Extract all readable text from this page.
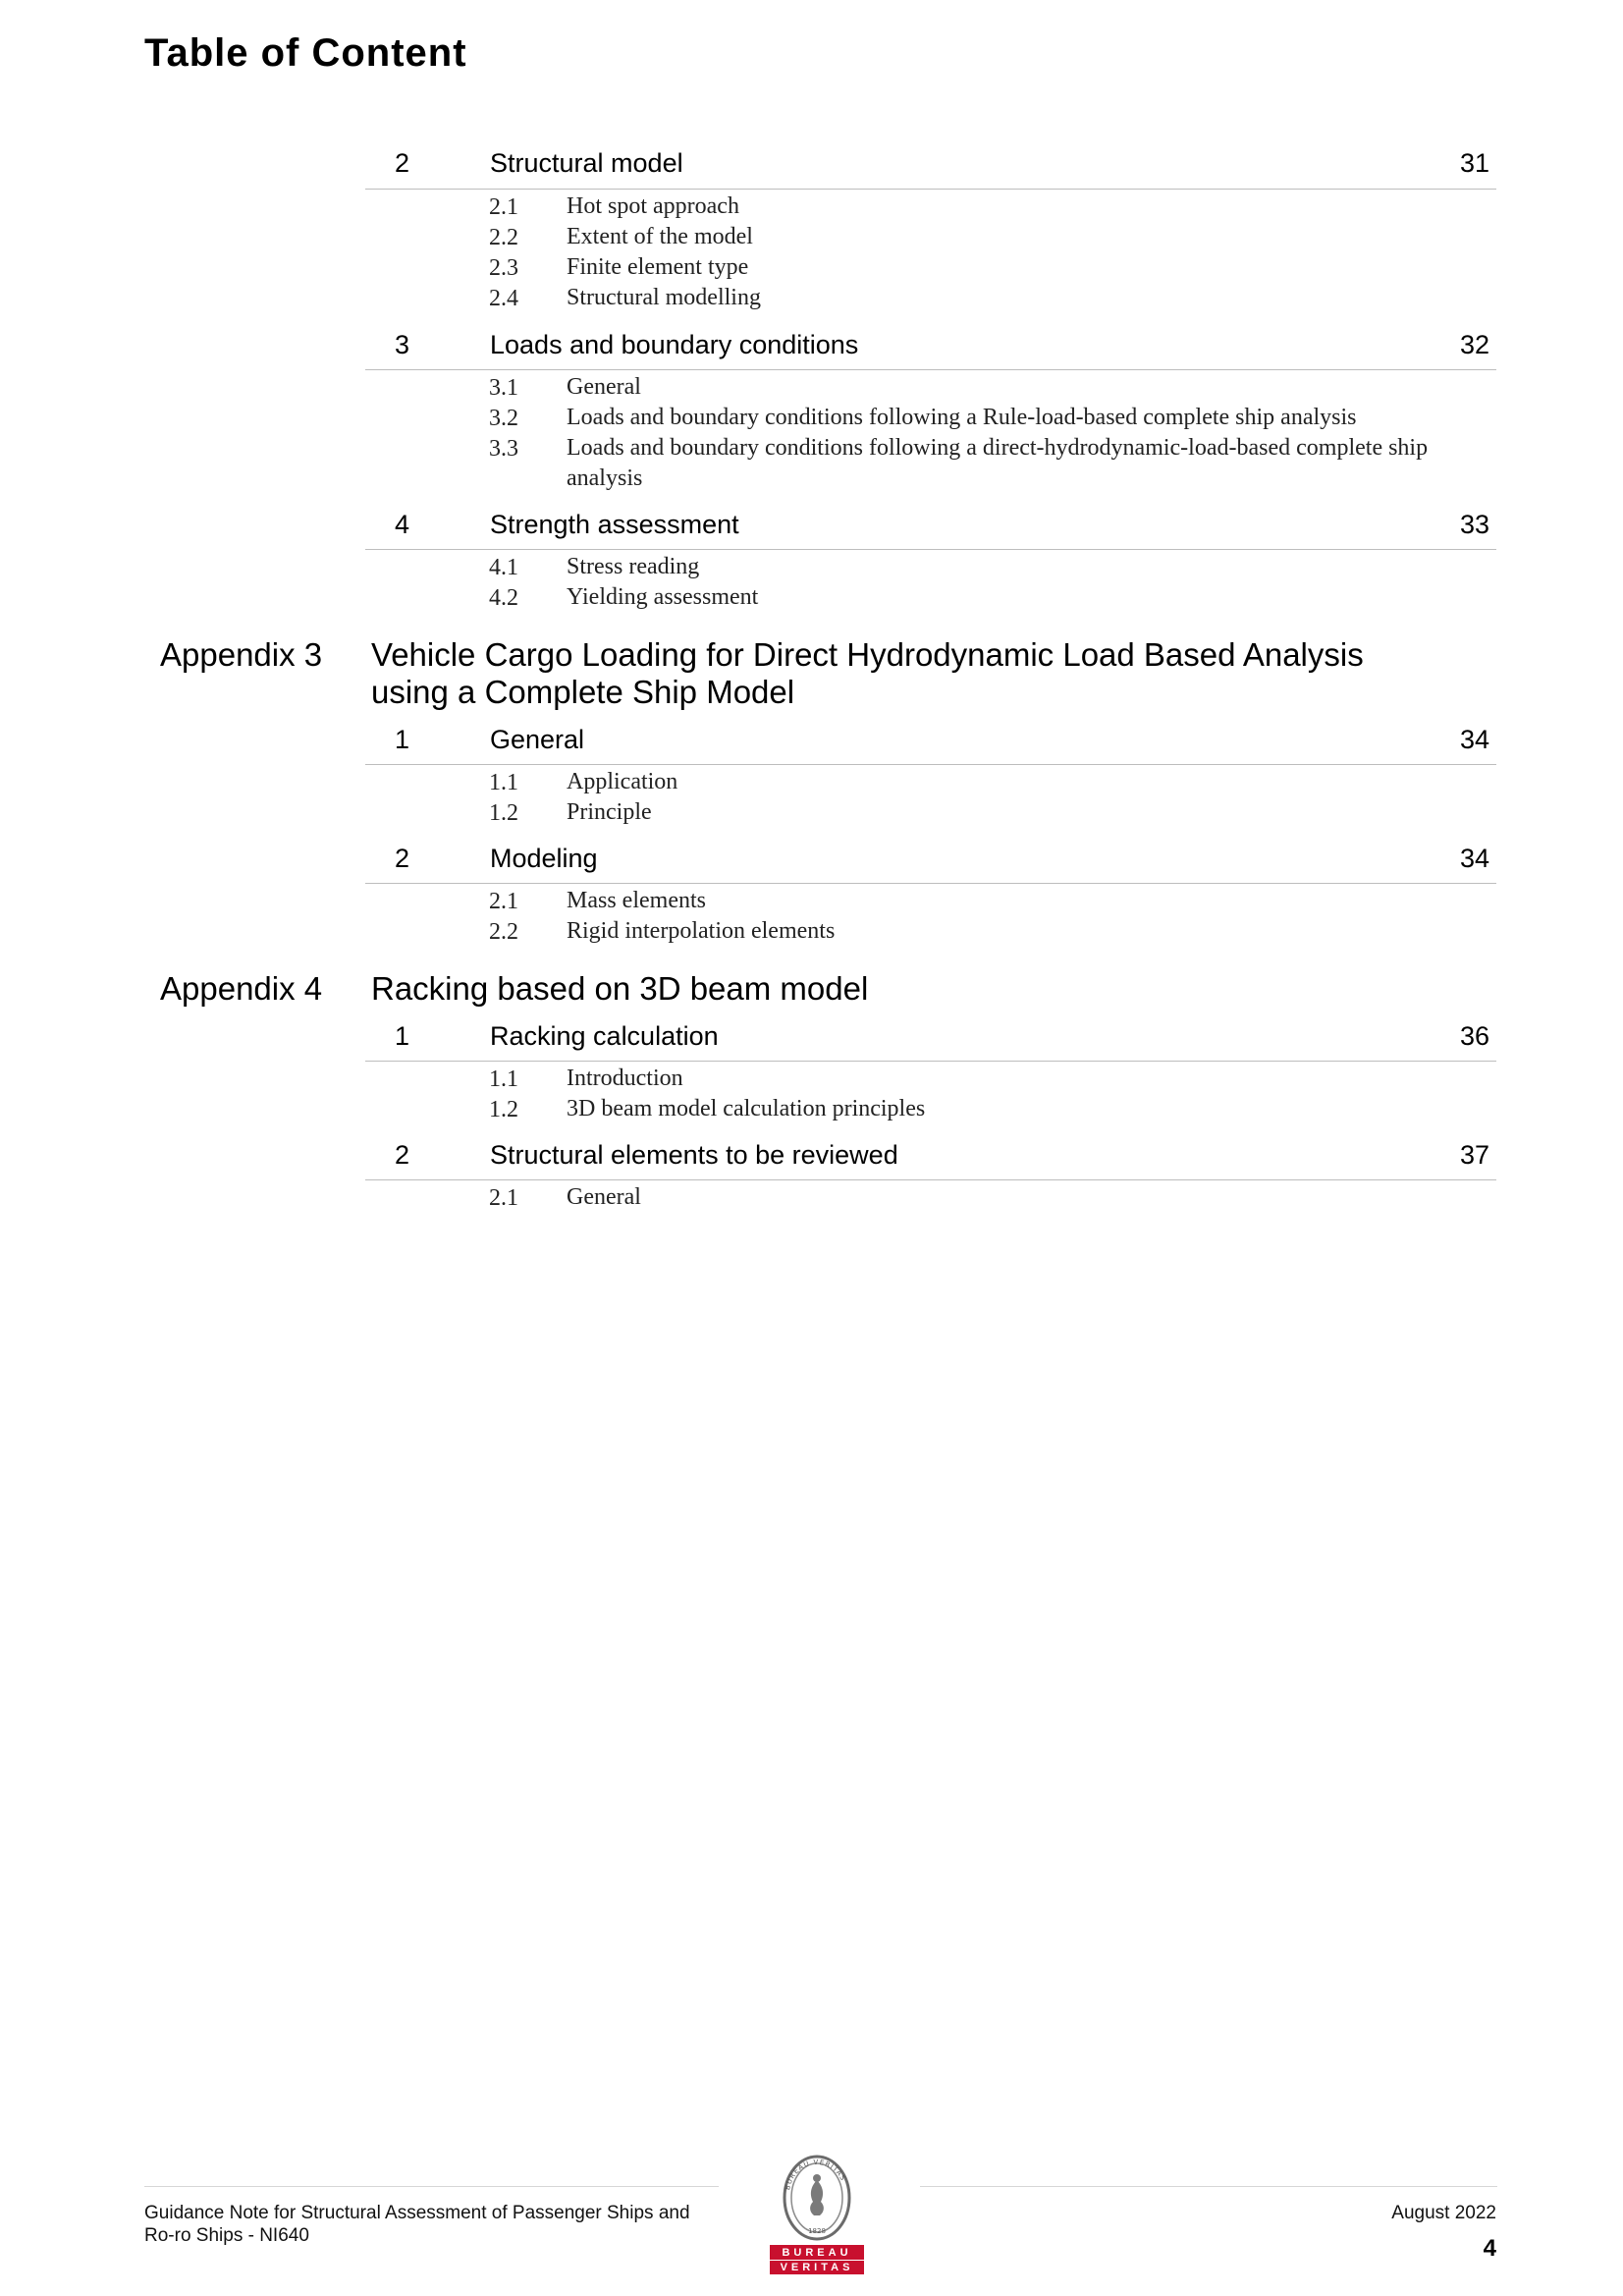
Table of Content
2	Structural model	31
2.1 Hot spot approach
2.2 Extent of the model
2.3 Finite element type
2.4 Structural modelling
3	Loads and boundary conditions	32
3.1 General
3.2 Loads and boundary conditions following a Rule-load-based complete ship analysis
3.3 Loads and boundary conditions following a direct-hydrodynamic-load-based complete ship analysis
4	Strength assessment	33
4.1 Stress reading
4.2 Yielding assessment
Appendix 3 Vehicle Cargo Loading for Direct Hydrodynamic Load Based Analysis
using a Complete Ship Model
1	General	34
1.1 Application
1.2 Principle
2	Modeling	34
2.1 Mass elements
2.2 Rigid interpolation elements
Appendix 4 Racking based on 3D beam model
1	Racking calculation	36
1.1 Introduction
1.2 3D beam model calculation principles
2	Structural elements to be reviewed	37
2.1 General
Guidance Note for Structural Assessment of Passenger Ships and
Ro-ro Ships - NI640
August 2022
4
BUREAU VERITAS
1828
BUREAU
VERITAS
